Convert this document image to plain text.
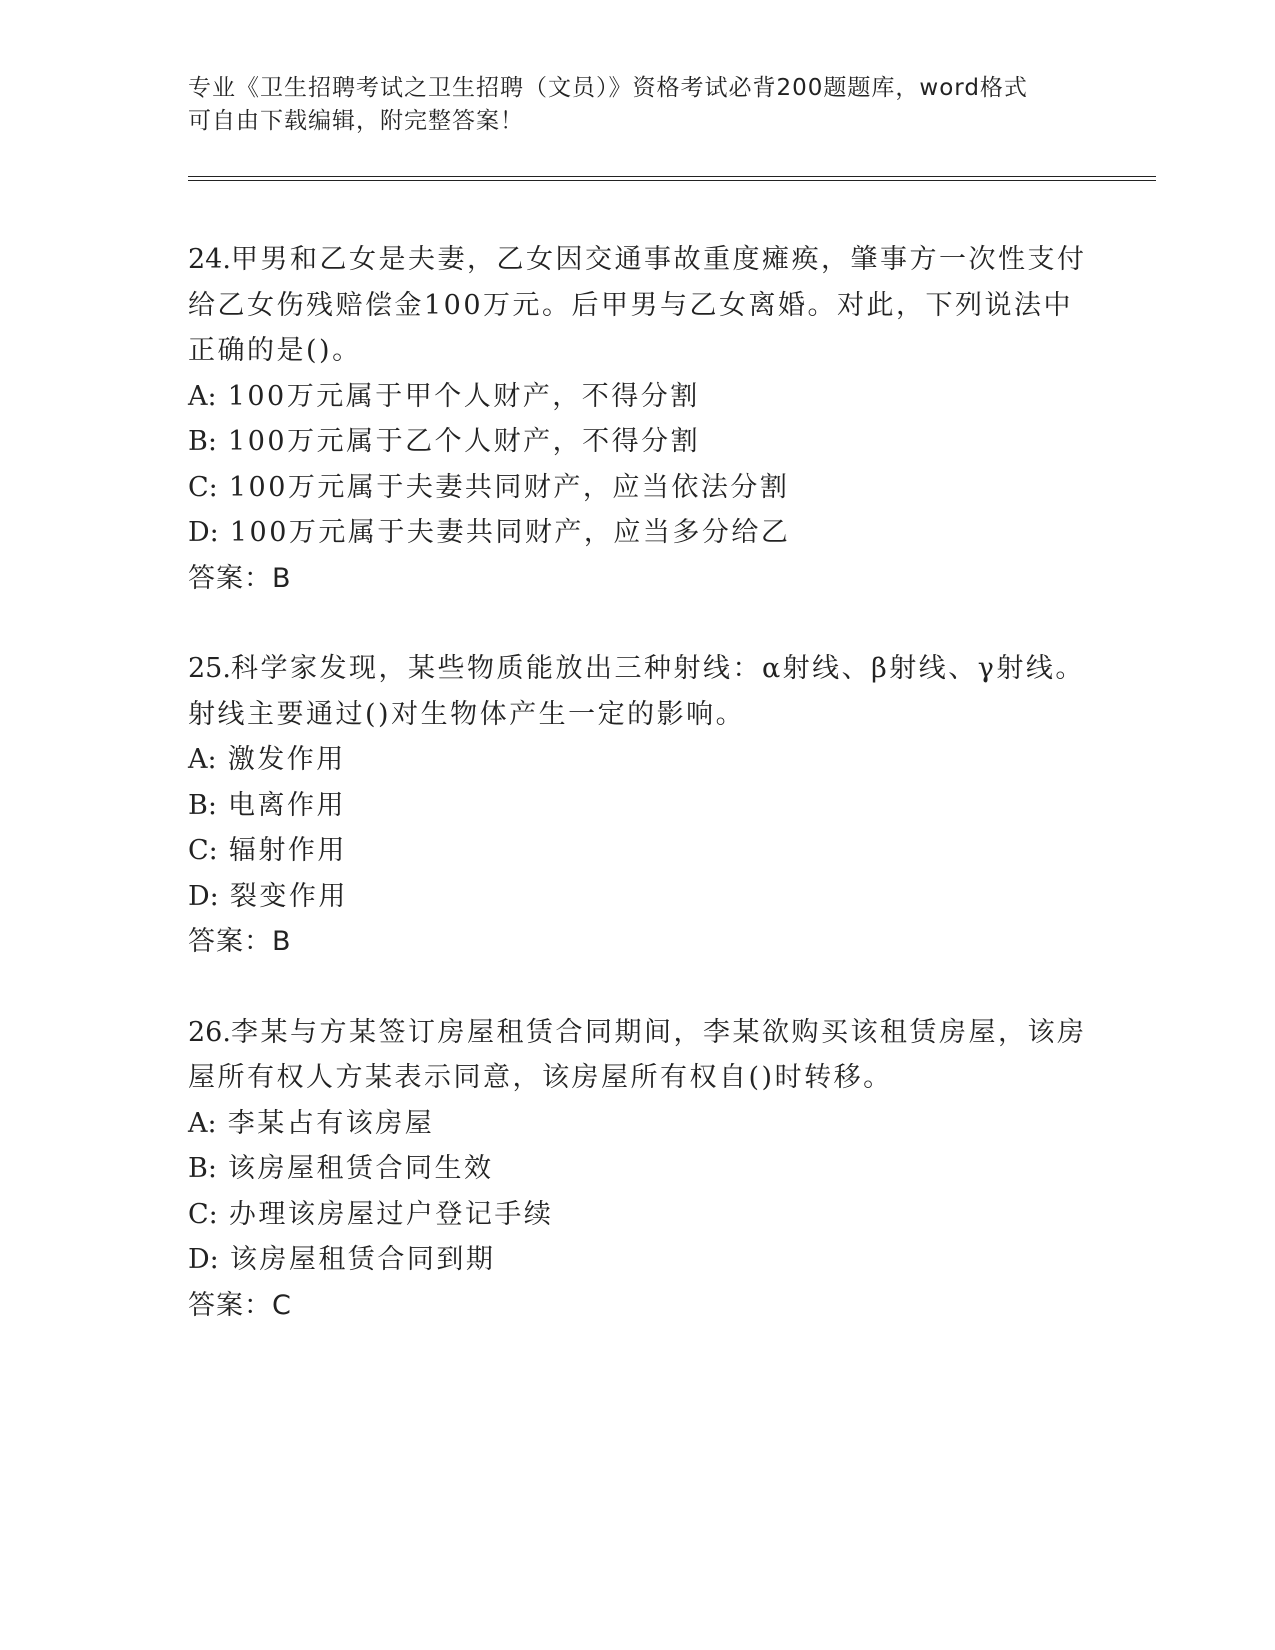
专业《卫生招聘考试之卫生招聘（文员）》资格考试必背200题题库，word格式
可自由下载编辑，附完整答案！

24.甲男和乙女是夫妻，乙女因交通事故重度瘫痪，肇事方一次性支付给乙女伤残赔偿金100万元。后甲男与乙女离婚。对此，下列说法中正确的是()。

A: 100万元属于甲个人财产，不得分割

B: 100万元属于乙个人财产，不得分割

C: 100万元属于夫妻共同财产，应当依法分割

D: 100万元属于夫妻共同财产，应当多分给乙

答案：B

25.科学家发现，某些物质能放出三种射线：α射线、β射线、γ射线。射线主要通过()对生物体产生一定的影响。

A: 激发作用

B: 电离作用

C: 辐射作用

D: 裂变作用

答案：B

26.李某与方某签订房屋租赁合同期间，李某欲购买该租赁房屋，该房屋所有权人方某表示同意，该房屋所有权自()时转移。

A: 李某占有该房屋

B: 该房屋租赁合同生效

C: 办理该房屋过户登记手续

D: 该房屋租赁合同到期

答案：C
